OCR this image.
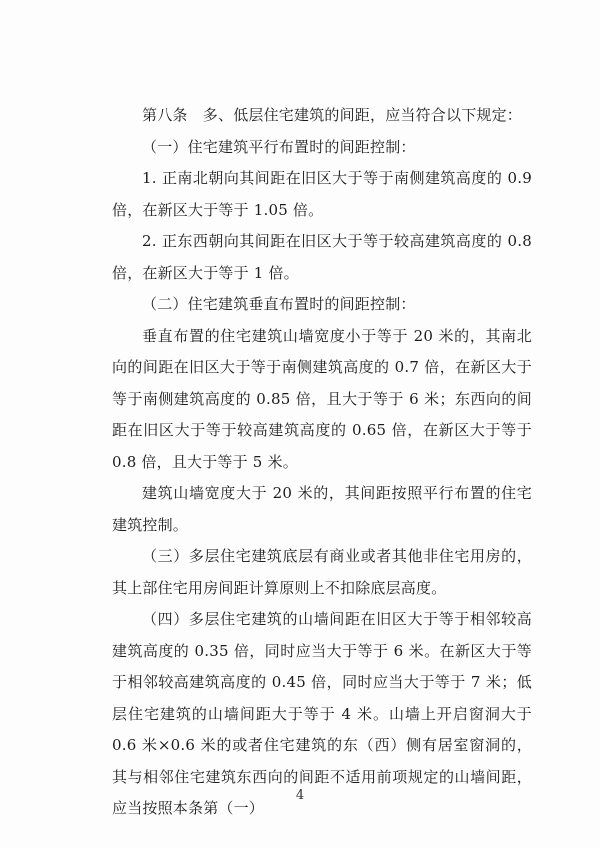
第八条　多、低层住宅建筑的间距，应当符合以下规定：

（一）住宅建筑平行布置时的间距控制：

1. 正南北朝向其间距在旧区大于等于南侧建筑高度的 0.9 倍，在新区大于等于 1.05 倍。

2. 正东西朝向其间距在旧区大于等于较高建筑高度的 0.8 倍，在新区大于等于 1 倍。

（二）住宅建筑垂直布置时的间距控制：

垂直布置的住宅建筑山墙宽度小于等于 20 米的，其南北向的间距在旧区大于等于南侧建筑高度的 0.7 倍，在新区大于等于南侧建筑高度的 0.85 倍，且大于等于 6 米；东西向的间距在旧区大于等于较高建筑高度的 0.65 倍，在新区大于等于 0.8 倍，且大于等于 5 米。

建筑山墙宽度大于 20 米的，其间距按照平行布置的住宅建筑控制。

（三）多层住宅建筑底层有商业或者其他非住宅用房的，其上部住宅用房间距计算原则上不扣除底层高度。

（四）多层住宅建筑的山墙间距在旧区大于等于相邻较高建筑高度的 0.35 倍，同时应当大于等于 6 米。在新区大于等于相邻较高建筑高度的 0.45 倍，同时应当大于等于 7 米；低层住宅建筑的山墙间距大于等于 4 米。山墙上开启窗洞大于 0.6 米×0.6 米的或者住宅建筑的东（西）侧有居室窗洞的，其与相邻住宅建筑东西向的间距不适用前项规定的山墙间距，应当按照本条第（一）

4
